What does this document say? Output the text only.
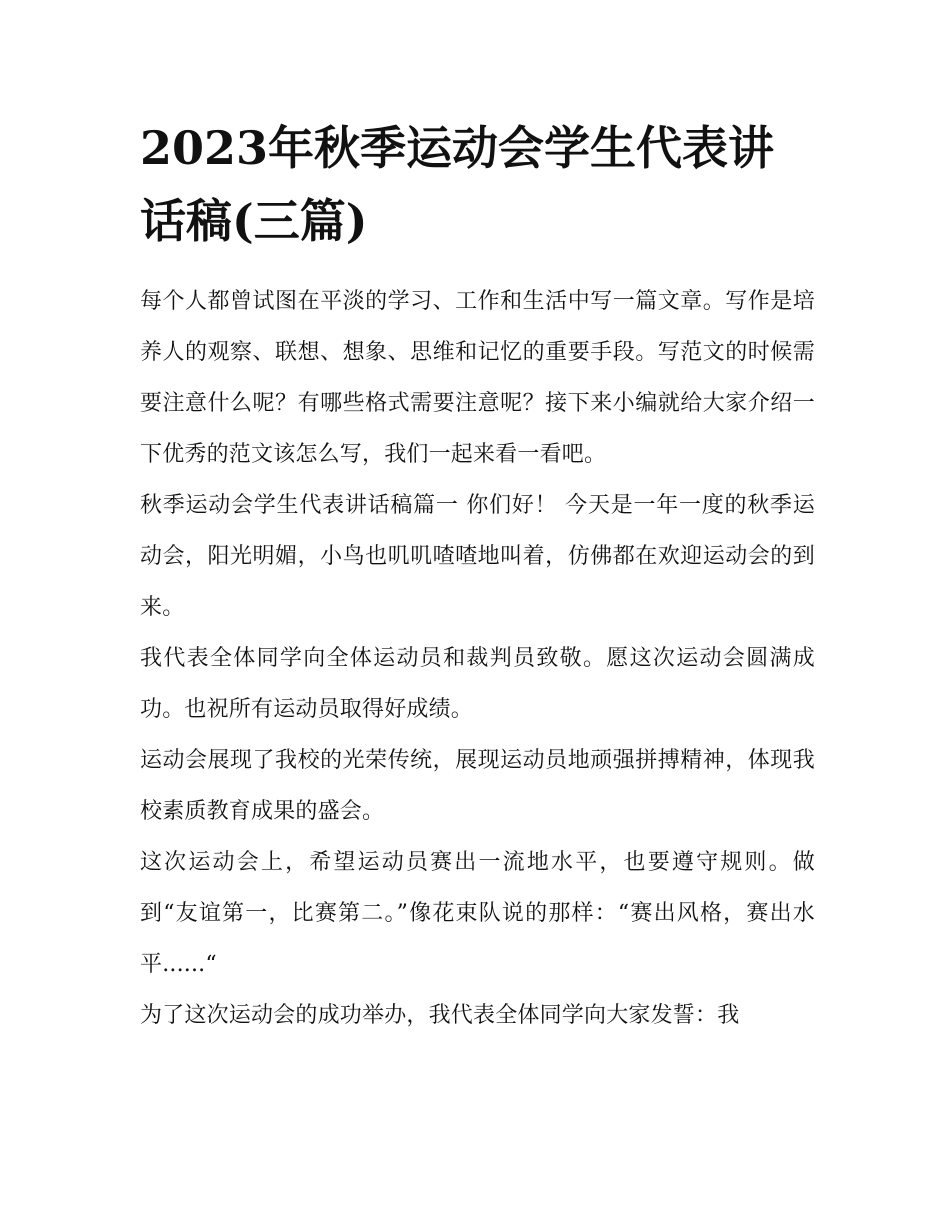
2023年秋季运动会学生代表讲话稿(三篇)

每个人都曾试图在平淡的学习、工作和生活中写一篇文章。写作是培养人的观察、联想、想象、思维和记忆的重要手段。写范文的时候需要注意什么呢？有哪些格式需要注意呢？接下来小编就给大家介绍一下优秀的范文该怎么写，我们一起来看一看吧。

秋季运动会学生代表讲话稿篇一 你们好！ 今天是一年一度的秋季运动会，阳光明媚，小鸟也叽叽喳喳地叫着，仿佛都在欢迎运动会的到来。

我代表全体同学向全体运动员和裁判员致敬。愿这次运动会圆满成功。也祝所有运动员取得好成绩。

运动会展现了我校的光荣传统，展现运动员地顽强拼搏精神，体现我校素质教育成果的盛会。

这次运动会上，希望运动员赛出一流地水平，也要遵守规则。做到“友谊第一，比赛第二。”像花束队说的那样：“赛出风格，赛出水平......“

为了这次运动会的成功举办，我代表全体同学向大家发誓：我
